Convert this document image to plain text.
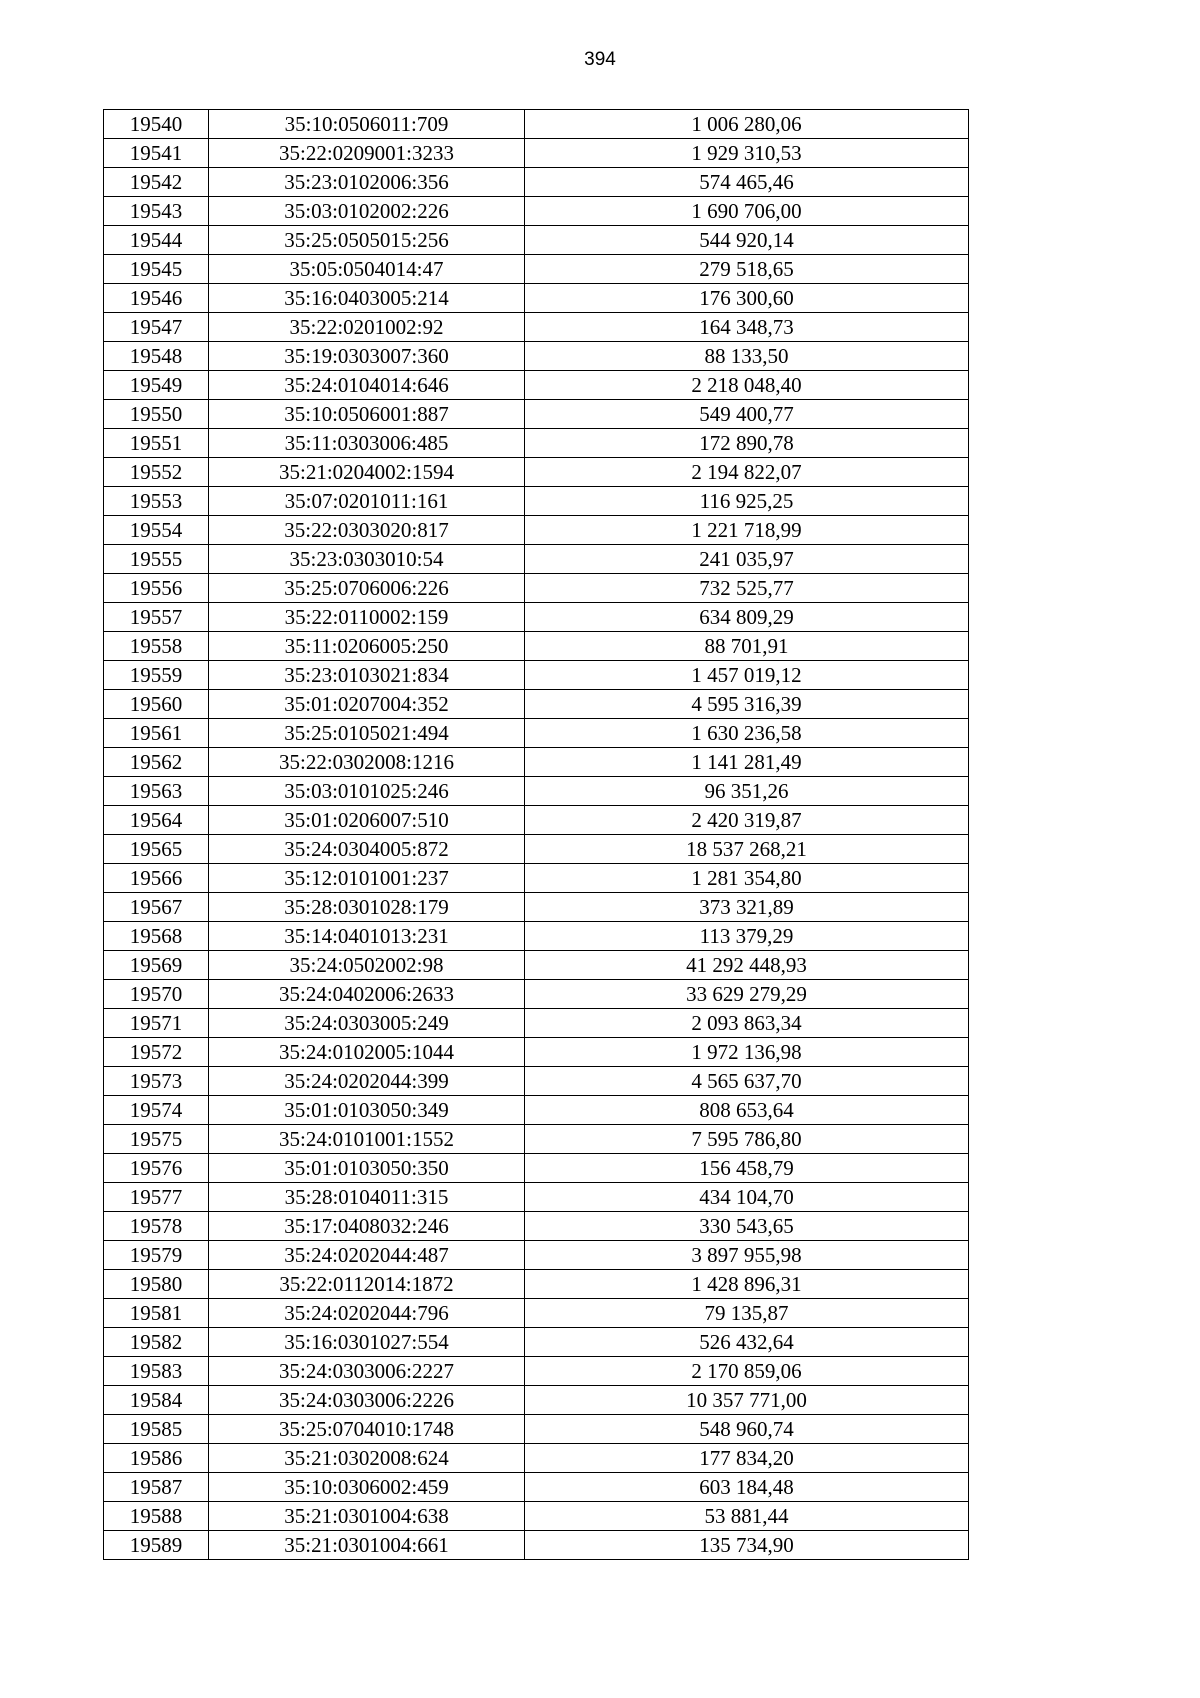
394
19540	35:10:0506011:709	1 006 280,06
19541	35:22:0209001:3233	1 929 310,53
19542	35:23:0102006:356	574 465,46
19543	35:03:0102002:226	1 690 706,00
19544	35:25:0505015:256	544 920,14
19545	35:05:0504014:47	279 518,65
19546	35:16:0403005:214	176 300,60
19547	35:22:0201002:92	164 348,73
19548	35:19:0303007:360	88 133,50
19549	35:24:0104014:646	2 218 048,40
19550	35:10:0506001:887	549 400,77
19551	35:11:0303006:485	172 890,78
19552	35:21:0204002:1594	2 194 822,07
19553	35:07:0201011:161	116 925,25
19554	35:22:0303020:817	1 221 718,99
19555	35:23:0303010:54	241 035,97
19556	35:25:0706006:226	732 525,77
19557	35:22:0110002:159	634 809,29
19558	35:11:0206005:250	88 701,91
19559	35:23:0103021:834	1 457 019,12
19560	35:01:0207004:352	4 595 316,39
19561	35:25:0105021:494	1 630 236,58
19562	35:22:0302008:1216	1 141 281,49
19563	35:03:0101025:246	96 351,26
19564	35:01:0206007:510	2 420 319,87
19565	35:24:0304005:872	18 537 268,21
19566	35:12:0101001:237	1 281 354,80
19567	35:28:0301028:179	373 321,89
19568	35:14:0401013:231	113 379,29
19569	35:24:0502002:98	41 292 448,93
19570	35:24:0402006:2633	33 629 279,29
19571	35:24:0303005:249	2 093 863,34
19572	35:24:0102005:1044	1 972 136,98
19573	35:24:0202044:399	4 565 637,70
19574	35:01:0103050:349	808 653,64
19575	35:24:0101001:1552	7 595 786,80
19576	35:01:0103050:350	156 458,79
19577	35:28:0104011:315	434 104,70
19578	35:17:0408032:246	330 543,65
19579	35:24:0202044:487	3 897 955,98
19580	35:22:0112014:1872	1 428 896,31
19581	35:24:0202044:796	79 135,87
19582	35:16:0301027:554	526 432,64
19583	35:24:0303006:2227	2 170 859,06
19584	35:24:0303006:2226	10 357 771,00
19585	35:25:0704010:1748	548 960,74
19586	35:21:0302008:624	177 834,20
19587	35:10:0306002:459	603 184,48
19588	35:21:0301004:638	53 881,44
19589	35:21:0301004:661	135 734,90
